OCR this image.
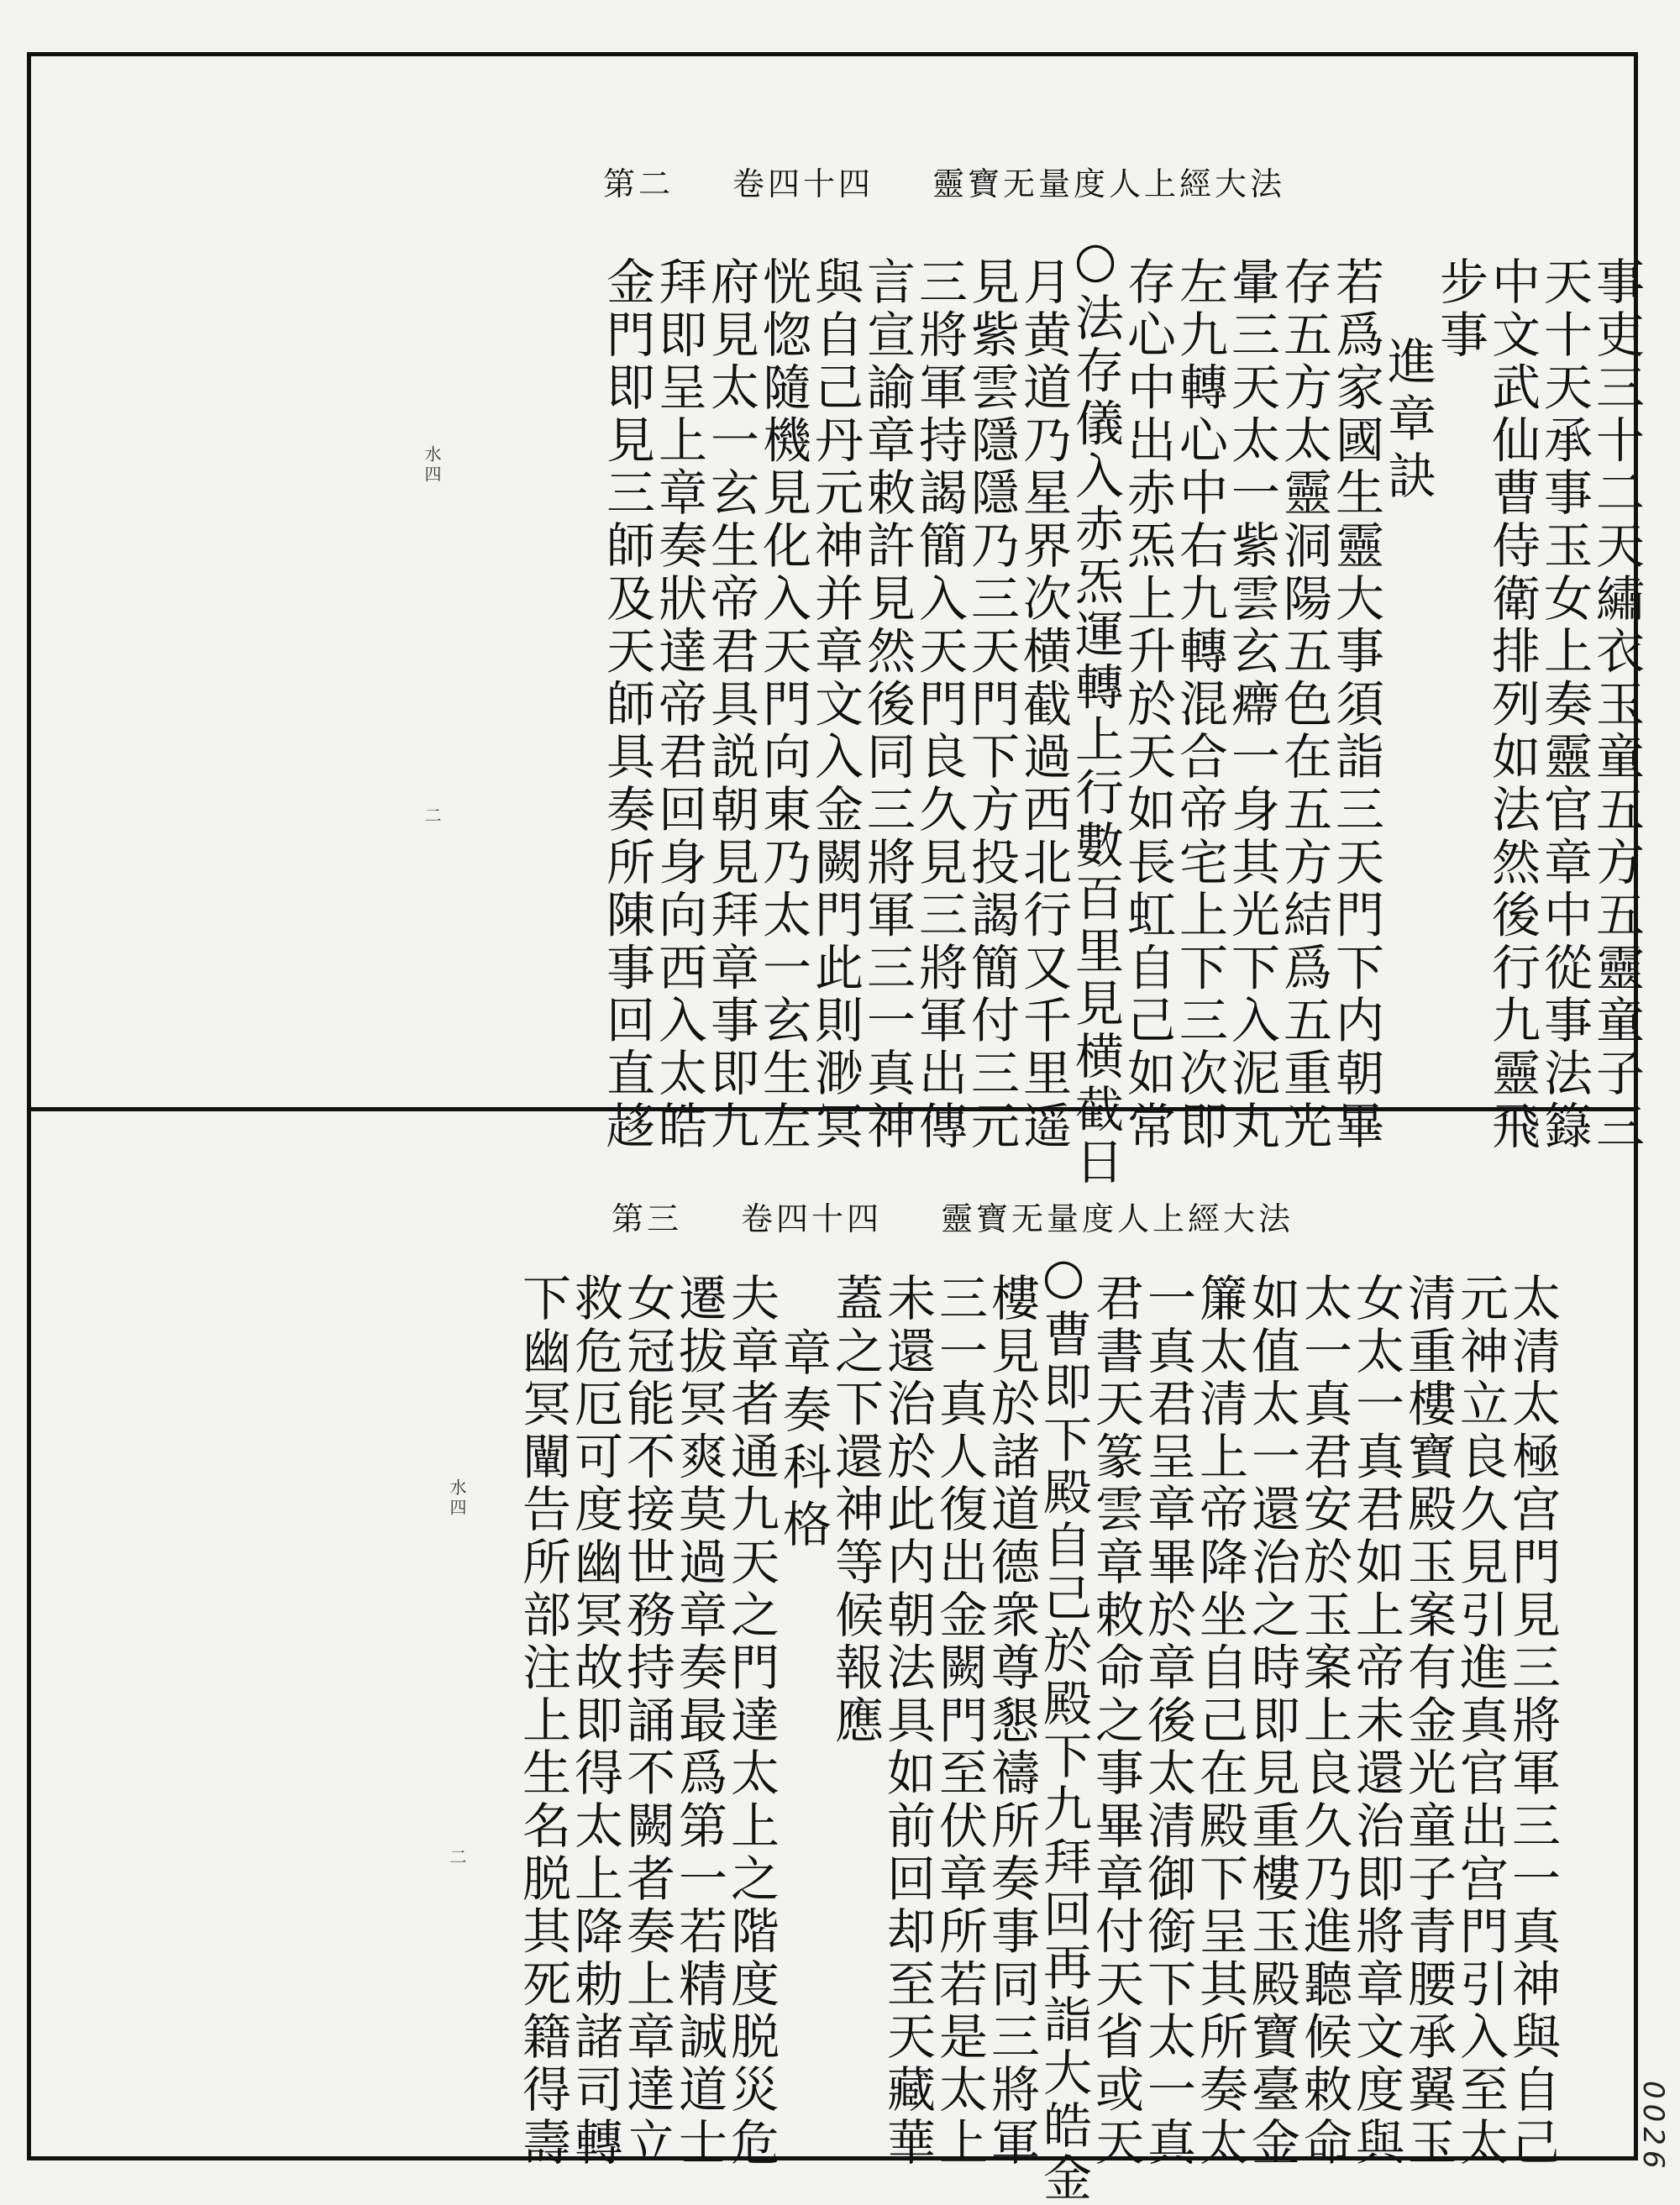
靈寶无量度人上經大法
卷四十四
第二
事吏三十二天繡衣玉童五方五靈童子三
天十天承事玉女上奏靈官章中從事法籙
中文武仙曹侍衛排列如法然後行九靈飛
步事
進章訣
若爲家國生靈大事須詣三天門下内朝畢
存五方太靈洞陽五色在五方結爲五重光
暈三天太一紫雲玄㿃一身其光下入泥丸
左九轉心中右九轉混合帝宅上下三次即
存心中出赤炁上升於天如長虹自己如常
○法存儀入赤炁運轉上行數百里見横截日
月黄道乃星界次横截過西北行又千里遥
見紫雲隱隱乃三天門下方投謁簡付三元
三將軍持謁簡入天門良久見三將軍出傳
言宣諭章敕許見然後同三將軍三一真神
與自己丹元神并章文入金闕門此則渺冥
恍惚隨機見化入天門向東乃太一玄生左
府見太一玄生帝君具説朝見拜章事即九
拜即呈上章奏狀達帝君回身向西入太皓
金門即見三師及天師具奏所陳事回直趍
水四
二
靈寶无量度人上經大法
卷四十四
第三
太清太極宫門見三將軍三一真神與自己
元神立良久見引進真官出宫門引入至太
清重樓寶殿玉案有金光童子青腰承翼玉
女太一真君如上帝未還治即將章文度與
太一真君安於玉案上良久乃進聽候敕命
如值太一還治之時即見重樓玉殿寶臺金
簾太清上帝降坐自己在殿下呈其所奏太
一真君呈章畢於章後太清御銜下太一真
君書天篆雲章敕命之事畢章付天省或天
○曹即下殿自己於殿下九拜回再詣大皓金
樓見於諸道德衆尊懇禱所奏事同三將軍
三一真人復出金闕門至伏章所若是太上
未還治於此内朝法具如前回却至天藏華
蓋之下還神等候報應
章奏科格
夫章者通九天之門達太上之階度脱災危
遷拔冥爽莫過章奏最爲第一若精誠道士
女冠能不接世務持誦不闕者奏上章達立
救危厄可度幽冥故即得太上降勅諸司轉
下幽冥闡告所部注上生名脱其死籍得壽
水四
二
0026
